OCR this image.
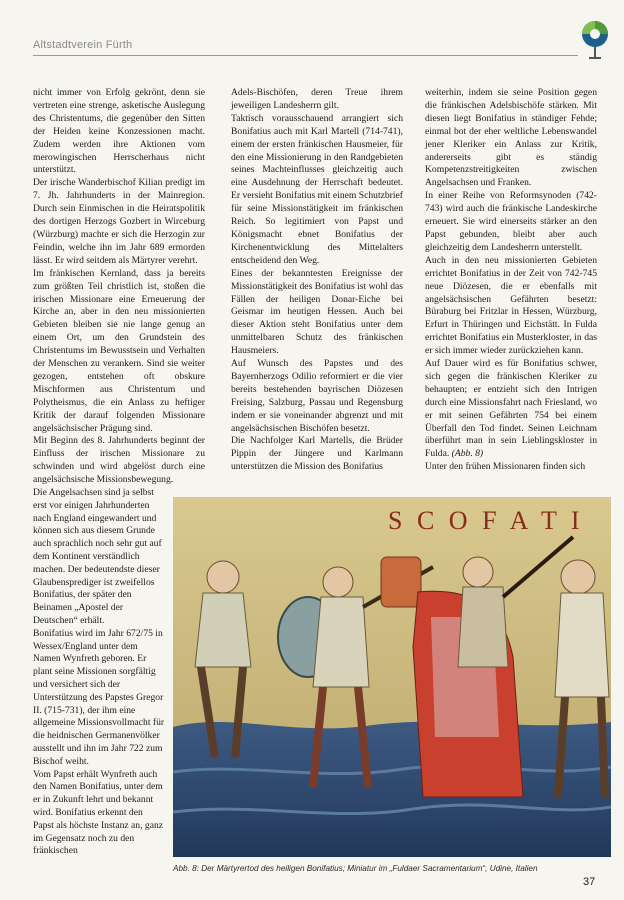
Altstadtverein Fürth

nicht immer von Erfolg gekrönt, denn sie vertreten eine strenge, asketische Auslegung des Christentums, die gegenüber den Sitten der Heiden keine Konzessionen macht. Zudem werden ihre Aktionen vom merowingischen Herrscherhaus nicht unterstützt.

Der irische Wanderbischof Kilian predigt im 7. Jh. Jahrhunderts in der Mainregion. Durch sein Einmischen in die Heiratspolitik des dortigen Herzogs Gozbert in Wirceburg (Würzburg) machte er sich die Herzogin zur Feindin, welche ihn im Jahr 689 ermorden lässt. Er wird seitdem als Märtyrer verehrt.

Im fränkischen Kernland, dass ja bereits zum größten Teil christlich ist, stoßen die irischen Missionare eine Erneuerung der Kirche an, aber in den neu missionierten Gebieten bleiben sie nie lange genug an einem Ort, um den Grundstein des Christentums im Bewusstsein und Verhalten der Menschen zu verankern. Sind sie weiter gezogen, entstehen oft obskure Mischformen aus Christentum und Polytheismus, die ein Anlass zu heftiger Kritik der darauf folgenden Missionare angelsächsischer Prägung sind.

Mit Beginn des 8. Jahrhunderts beginnt der Einfluss der irischen Missionare zu schwinden und wird abgelöst durch eine angelsächsische Missionsbewegung.

Die Angelsachsen sind ja selbst erst vor einigen Jahrhunderten nach England eingewandert und können sich aus diesem Grunde auch sprachlich noch sehr gut auf dem Kontinent verständlich machen. Der bedeutendste dieser Glaubensprediger ist zweifellos Bonifatius, der später den Beinamen „Apostel der Deutschen“ erhält.

Bonifatius wird im Jahr 672/75 in Wessex/England unter dem Namen Wynfreth geboren. Er plant seine Missionen sorgfältig und versichert sich der Unterstützung des Papstes Gregor II. (715-731), der ihm eine allgemeine Missionsvollmacht für die heidnischen Germanenvölker ausstellt und ihn im Jahr 722 zum Bischof weiht.

Vom Papst erhält Wynfreth auch den Namen Bonifatius, unter dem er in Zukunft lehrt und bekannt wird. Bonifatius erkennt den Papst als höchste Instanz an, ganz im Gegensatz noch zu den fränkischen

Adels-Bischöfen, deren Treue ihrem jeweiligen Landesherrn gilt.

Taktisch vorausschauend arrangiert sich Bonifatius auch mit Karl Martell (714-741), einem der ersten fränkischen Hausmeier, für den eine Missionierung in den Randgebieten seines Machteinflusses gleichzeitig auch eine Ausdehnung der Herrschaft bedeutet. Er versieht Bonifatius mit einem Schutzbrief für seine Missionstätigkeit im fränkischen Reich. So legitimiert von Papst und Königsmacht ebnet Bonifatius der Kirchenentwicklung des Mittelalters entscheidend den Weg.

Eines der bekanntesten Ereignisse der Missionstätigkeit des Bonifatius ist wohl das Fällen der heiligen Donar-Eiche bei Geismar im heutigen Hessen. Auch bei dieser Aktion steht Bonifatius unter dem unmittelbaren Schutz des fränkischen Hausmeiers.

Auf Wunsch des Papstes und des Bayernherzogs Odilio reformiert er die vier bereits bestehenden bayrischen Diözesen Freising, Salzburg, Passau und Regensburg indem er sie voneinander abgrenzt und mit angelsächsischen Bischöfen besetzt.

Die Nachfolger Karl Martells, die Brüder Pippin der Jüngere und Karlmann unterstützen die Mission des Bonifatius

weiterhin, indem sie seine Position gegen die fränkischen Adelsbischöfe stärken. Mit diesen liegt Bonifatius in ständiger Fehde; einmal bot der eher weltliche Lebenswandel jener Kleriker ein Anlass zur Kritik, andererseits gibt es ständig Kompetenzstreitigkeiten zwischen Angelsachsen und Franken.

In einer Reihe von Reformsynoden (742-743) wird auch die fränkische Landeskirche erneuert. Sie wird einerseits stärker an den Papst gebunden, bleibt aber auch gleichzeitig dem Landesherrn unterstellt.

Auch in den neu missionierten Gebieten errichtet Bonifatius in der Zeit von 742-745 neue Diözesen, die er ebenfalls mit angelsächsischen Gefährten besetzt: Büraburg bei Fritzlar in Hessen, Würzburg, Erfurt in Thüringen und Eichstätt. In Fulda errichtet Bonifatius ein Musterkloster, in das er sich immer wieder zurückziehen kann.

Auf Dauer wird es für Bonifatius schwer, sich gegen die fränkischen Kleriker zu behaupten; er entzieht sich den Intrigen durch eine Missionsfahrt nach Friesland, wo er mit seinen Gefährten 754 bei einem Überfall den Tod findet. Seinen Leichnam überführt man in sein Lieblingskloster in Fulda. (Abb. 8)

Unter den frühen Missionaren finden sich

S C O F A T I
Abb. 8: Der Märtyrertod des heiligen Bonifatius; Miniatur im „Fuldaer Sacramentarium“, Udine, Italien
37
